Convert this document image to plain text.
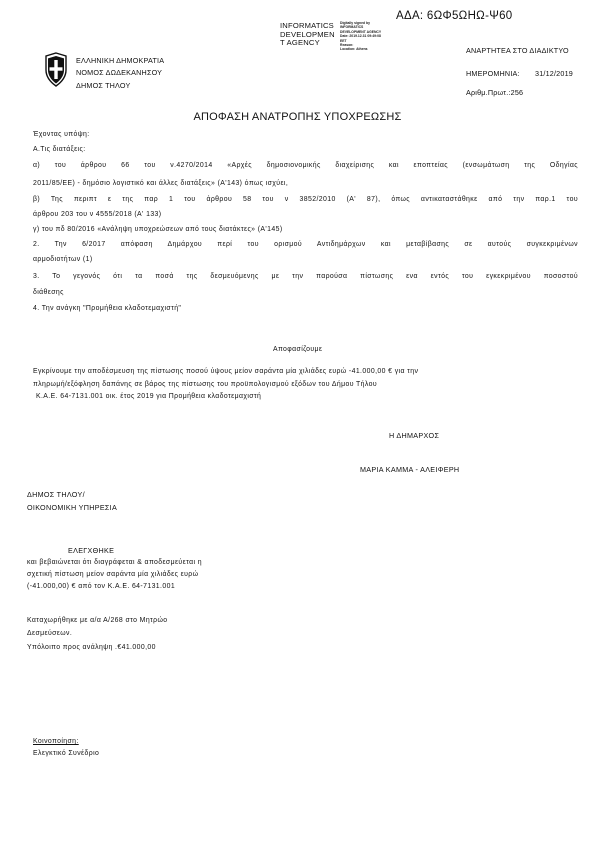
ΑΔΑ: 6ΩΦ5ΩΗΩ-Ψ60
INFORMATICS
DEVELOPMEN
T AGENCY
Digitally signed by
INFORMATICS
DEVELOPMENT AGENCY
Date: 2019.12.31 09:49:08
EET
Reason:
Location: Athens
ΕΛΛΗΝΙΚΗ ΔΗΜΟΚΡΑΤΙΑ
ΝΟΜΟΣ ΔΩΔΕΚΑΝΗΣΟΥ
ΔΗΜΟΣ ΤΗΛΟΥ
ΑΝΑΡΤΗΤΕΑ ΣΤΟ ΔΙΑΔΙΚΤΥΟ
ΗΜΕΡΟΜΗΝΙΑ: 31/12/2019
Αριθμ.Πρωτ.:256
ΑΠΟΦΑΣΗ ΑΝΑΤΡΟΠΗΣ ΥΠΟΧΡΕΩΣΗΣ
Έχοντας υπόψη:
Α.Τις διατάξεις:
α) του άρθρου 66 του ν.4270/2014 «Αρχές δημοσιονομικής διαχείρισης και εποπτείας (ενσωμάτωση της Οδηγίας
2011/85/ΕΕ) - δημόσιο λογιστικό και άλλες διατάξεις» (Α'143) όπως ισχύει,
β) Της περιπτ ε της παρ 1 του άρθρου 58 του ν 3852/2010 (Α' 87), όπως αντικαταστάθηκε από την παρ.1 του
άρθρου 203 του ν 4555/2018 (Α' 133)
γ) του πδ 80/2016 «Ανάληψη υποχρεώσεων από τους διατάκτες» (Α'145)
2. Την 6/2017 απόφαση Δημάρχου περί του ορισμού Αντιδημάρχων και μεταβίβασης σε αυτούς συγκεκριμένων
αρμοδιοτήτων (1)
3. Το γεγονός ότι τα ποσά της δεσμευόμενης με την παρούσα πίστωσης ενα εντός του εγκεκριμένου ποσοστού
διάθεσης
4. Την ανάγκη "Προμήθεια κλαδοτεμαχιστή"
Αποφασίζουμε
Εγκρίνουμε την αποδέσμευση της πίστωσης ποσού ύψους μείον σαράντα μία χιλιάδες ευρώ -41.000,00 € για την
πληρωμή/εξόφληση δαπάνης σε βάρος της πίστωσης του προϋπολογισμού εξόδων του Δήμου Τήλου
Κ.Α.Ε. 64-7131.001 οικ. έτος 2019 για Προμήθεια κλαδοτεμαχιστή
Η ΔΗΜΑΡΧΟΣ
ΜΑΡΙΑ ΚΑΜΜΑ - ΑΛΕΙΦΕΡΗ
ΔΗΜΟΣ ΤΗΛΟΥ/
ΟΙΚΟΝΟΜΙΚΗ ΥΠΗΡΕΣΙΑ
ΕΛΕΓΧΘΗΚΕ
και βεβαιώνεται ότι διαγράφεται & αποδεσμεύεται η
σχετική πίστωση μείον σαράντα μία χιλιάδες ευρώ
(-41.000,00) € από τον Κ.Α.Ε. 64-7131.001
Καταχωρήθηκε με α/α Α/268 στο Μητρώο
Δεσμεύσεων.
Υπόλοιπο προς ανάληψη .€41.000,00
Κοινοποίηση:
Ελεγκτικό Συνέδριο
